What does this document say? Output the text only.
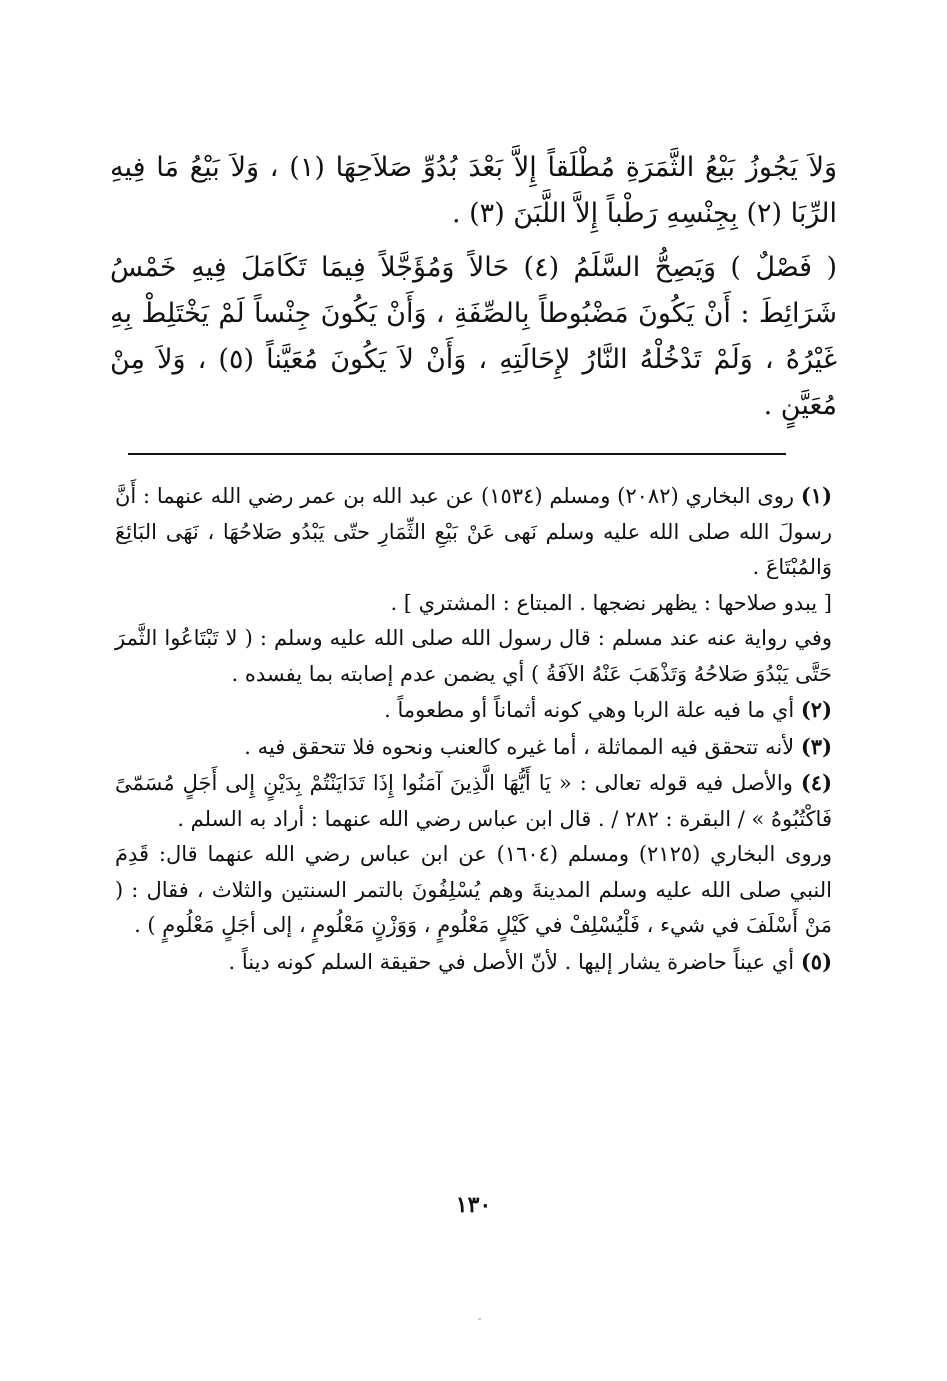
وَلاَ يَجُوزُ بَيْعُ الثَّمَرَةِ مُطْلَقاً إِلاَّ بَعْدَ بُدُوِّ صَلاَحِهَا (١) ، وَلاَ بَيْعُ مَا فِيهِ الرِّبَا (٢) بِجِنْسِهِ رَطْباً إِلاَّ اللَّبَنَ (٣) .

( فَصْلٌ ) وَيَصِحُّ السَّلَمُ (٤) حَالاً وَمُؤَجَّلاً فِيمَا تَكَامَلَ فِيهِ خَمْسُ شَرَائِطَ : أَنْ يَكُونَ مَضْبُوطاً بِالصِّفَةِ ، وَأَنْ يَكُونَ جِنْساً لَمْ يَخْتَلِطْ بِهِ غَيْرُهُ ، وَلَمْ تَدْخُلْهُ النَّارُ لإِحَالَتِهِ ، وَأَنْ لاَ يَكُونَ مُعَيَّناً (٥) ، وَلاَ مِنْ مُعَيَّنٍ .

(١) روى البخاري (٢٠٨٢) ومسلم (١٥٣٤) عن عبد الله بن عمر رضي الله عنهما : أَنَّ رسولَ الله صلى الله عليه وسلم نَهى عَنْ بَيْعِ الثِّمَارِ حتّى يَبْدُو صَلاحُهَا ، نَهَى البَائِعَ وَالمُبْتَاعَ .

[ يبدو صلاحها : يظهر نضجها . المبتاع : المشتري ] .

وفي رواية عنه عند مسلم : قال رسول الله صلى الله عليه وسلم : ( لا تَبْتَاعُوا الثَّمرَ حَتَّى يَبْدُوَ صَلاحُهُ وَتَذْهَبَ عَنْهُ الآفَةُ ) أي يضمن عدم إصابته بما يفسده .

(٢) أي ما فيه علة الربا وهي كونه أثماناً أو مطعوماً .

(٣) لأنه تتحقق فيه المماثلة ، أما غيره كالعنب ونحوه فلا تتحقق فيه .

(٤) والأصل فيه قوله تعالى : « يَا أَيُّهَا الَّذِينَ آمَنُوا إِذَا تَدَايَنْتُمْ بِدَيْنٍ إِلى أَجَلٍ مُسَمّىً فَاكْتُبُوهُ » / البقرة : ٢٨٢ / . قال ابن عباس رضي الله عنهما : أراد به السلم .

وروى البخاري (٢١٢٥) ومسلم (١٦٠٤) عن ابن عباس رضي الله عنهما قال: قَدِمَ النبي صلى الله عليه وسلم المدينةَ وهم يُسْلِفُونَ بالتمر السنتين والثلاث ، فقال : ( مَنْ أَسْلَفَ في شيء ، فَلْيُسْلِفْ في كَيْلٍ مَعْلُومٍ ، وَوَزْنٍ مَعْلُومٍ ، إلى أجَلٍ مَعْلُومٍ ) .

(٥) أي عيناً حاضرة يشار إليها . لأنّ الأصل في حقيقة السلم كونه ديناً .

١٣٠
